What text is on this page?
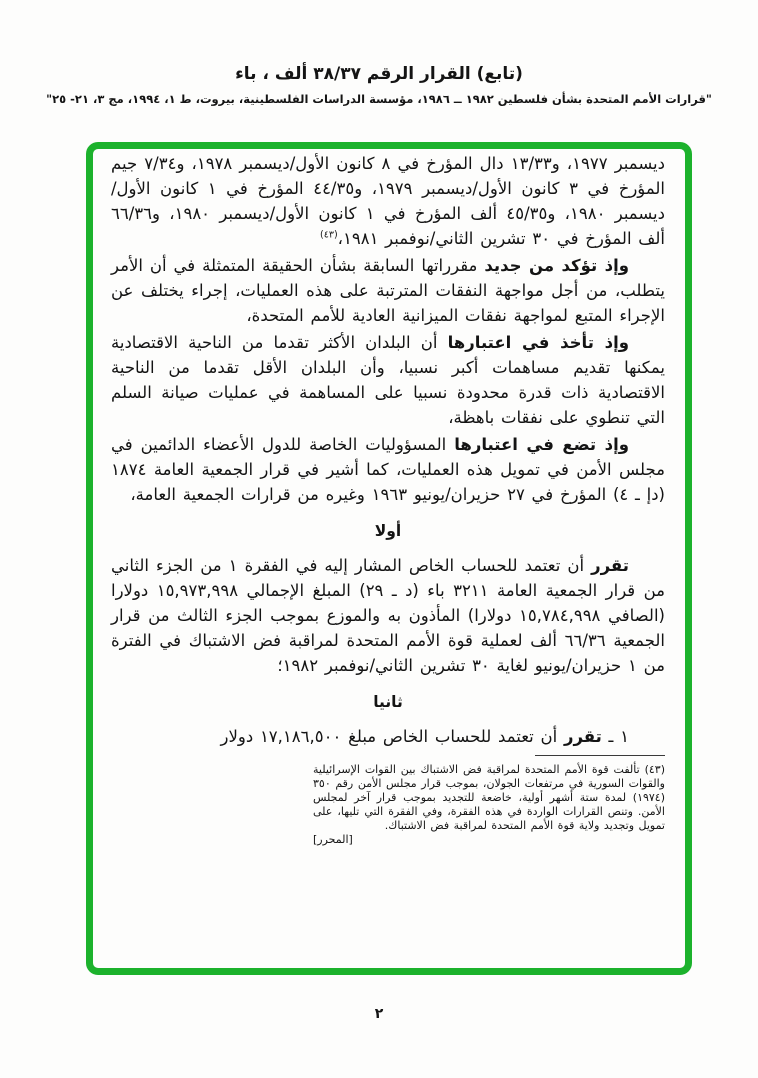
(تابع) القرار الرقم ٣٨/٣٧ ألف ، باء
"قرارات الأمم المتحدة بشأن فلسطين ١٩٨٢ ــ ١٩٨٦، مؤسسة الدراسات الفلسطينية، بيروت، ط ١، ١٩٩٤، مج ٣، ٢١- ٢٥"

ديسمبر ١٩٧٧، و١٣/٣٣ دال المؤرخ في ٨ كانون الأول/ديسمبر ١٩٧٨، و٧/٣٤ جيم المؤرخ في ٣ كانون الأول/ديسمبر ١٩٧٩، و٤٤/٣٥ المؤرخ في ١ كانون الأول/ديسمبر ١٩٨٠، و٤٥/٣٥ ألف المؤرخ في ١ كانون الأول/ديسمبر ١٩٨٠، و٦٦/٣٦ ألف المؤرخ في ٣٠ تشرين الثاني/نوفمبر ١٩٨١،$^{(٤٣)}$

وإذ تؤكد من جديد مقرراتها السابقة بشأن الحقيقة المتمثلة في أن الأمر يتطلب، من أجل مواجهة النفقات المترتبة على هذه العمليات، إجراء يختلف عن الإجراء المتبع لمواجهة نفقات الميزانية العادية للأمم المتحدة،

وإذ تأخذ في اعتبارها أن البلدان الأكثر تقدما من الناحية الاقتصادية يمكنها تقديم مساهمات أكبر نسبيا، وأن البلدان الأقل تقدما من الناحية الاقتصادية ذات قدرة محدودة نسبيا على المساهمة في عمليات صيانة السلم التي تنطوي على نفقات باهظة،

وإذ تضع في اعتبارها المسؤوليات الخاصة للدول الأعضاء الدائمين في مجلس الأمن في تمويل هذه العمليات، كما أشير في قرار الجمعية العامة ١٨٧٤ (دإ ـ ٤) المؤرخ في ٢٧ حزيران/يونيو ١٩٦٣ وغيره من قرارات الجمعية العامة،

أولا

تقرر أن تعتمد للحساب الخاص المشار إليه في الفقرة ١ من الجزء الثاني من قرار الجمعية العامة ٣٢١١ باء (د ـ ٢٩) المبلغ الإجمالي ١٥,٩٧٣,٩٩٨ دولارا (الصافي ١٥,٧٨٤,٩٩٨ دولارا) المأذون به والموزع بموجب الجزء الثالث من قرار الجمعية ٦٦/٣٦ ألف لعملية قوة الأمم المتحدة لمراقبة فض الاشتباك في الفترة من ١ حزيران/يونيو لغاية ٣٠ تشرين الثاني/نوفمبر ١٩٨٢؛

ثانيا

١ ـ تقرر أن تعتمد للحساب الخاص مبلغ ١٧,١٨٦,٥٠٠ دولار

(٤٣) تألفت قوة الأمم المتحدة لمراقبة فض الاشتباك بين القوات الإسرائيلية والقوات السورية في مرتفعات الجولان، بموجب قرار مجلس الأمن رقم ٣٥٠ (١٩٧٤) لمدة ستة أشهر أولية، خاضعة للتجديد بموجب قرار آخر لمجلس الأمن. وتنص القرارات الواردة في هذه الفقرة، وفي الفقرة التي تليها، على تمويل وتجديد ولاية قوة الأمم المتحدة لمراقبة فض الاشتباك.
[المحرر]
٢
